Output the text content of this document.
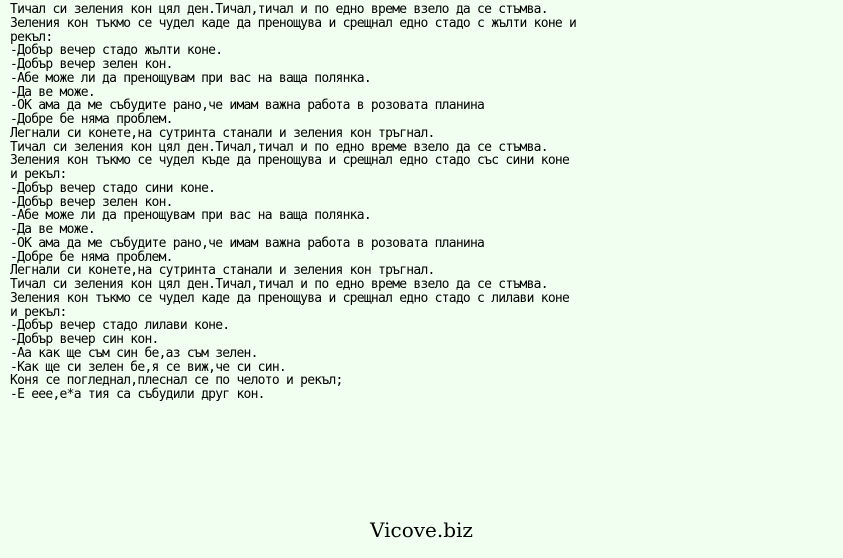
Тичал си зеления кон цял ден.Тичал,тичал и по едно време взело да се стъмва.
Зеления кон тъкмо се чудел каде да пренощува и срещнал едно стадо с жълти коне и
рекъл:
-Добър вечер стадо жълти коне.
-Добър вечер зелен кон.
-Абе може ли да пренощувам при вас на ваща полянка.
-Да ве може.
-ОК ама да ме събудите рано,че имам важна работа в розовата планина
-Добре бе няма проблем.
Легнали си конете,на сутринта станали и зеления кон тръгнал.
Тичал си зеления кон цял ден.Тичал,тичал и по едно време взело да се стъмва.
Зеления кон тъкмо се чудел къде да пренощува и срещнал едно стадо със сини коне
и рекъл:
-Добър вечер стадо сини коне.
-Добър вечер зелен кон.
-Абе може ли да пренощувам при вас на ваща полянка.
-Да ве може.
-ОК ама да ме събудите рано,че имам важна работа в розовата планина
-Добре бе няма проблем.
Легнали си конете,на сутринта станали и зеления кон тръгнал.
Тичал си зеления кон цял ден.Тичал,тичал и по едно време взело да се стъмва.
Зеления кон тъкмо се чудел каде да пренощува и срещнал едно стадо с лилави коне
и рекъл:
-Добър вечер стадо лилави коне.
-Добър вечер син кон.
-Аа как ще съм син бе,аз съм зелен.
-Как ще си зелен бе,я се виж,че си син.
Коня се погледнал,плеснал се по челото и рекъл;
-Е еее,е*а тия са събудили друг кон.
Vicove.biz
